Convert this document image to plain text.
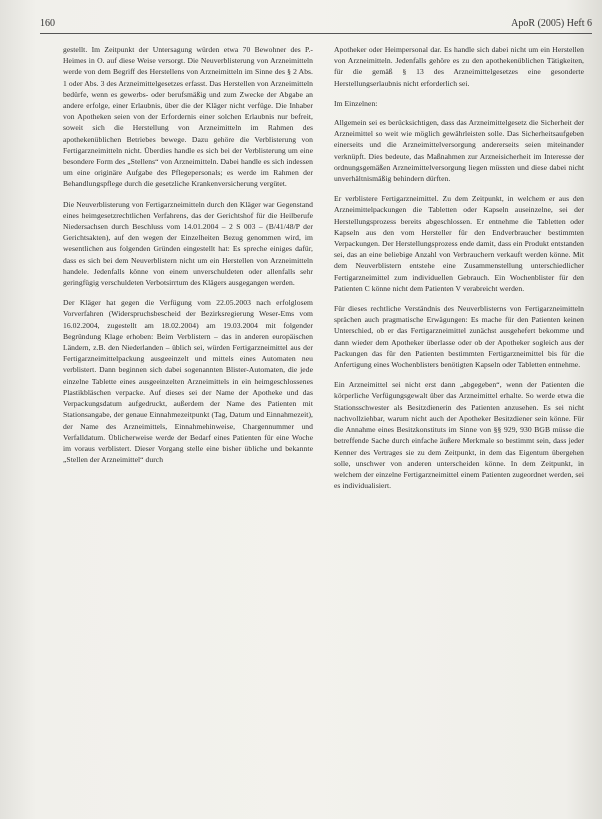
160	ApoR (2005) Heft 6

gestellt. Im Zeitpunkt der Untersagung würden etwa 70 Bewohner des P.-Heimes in O. auf diese Weise versorgt. Die Neuverblisterung von Arzneimitteln werde von dem Begriff des Herstellens von Arzneimitteln im Sinne des § 2 Abs. 1 oder Abs. 3 des Arzneimittelgesetzes erfasst. Das Herstellen von Arzneimitteln bedürfe, wenn es gewerbs- oder berufsmäßig und zum Zwecke der Abgabe an andere erfolge, einer Erlaubnis, über die der Kläger nicht verfüge. Die Inhaber von Apotheken seien von der Erfordernis einer solchen Erlaubnis nur befreit, soweit sich die Herstellung von Arzneimitteln im Rahmen des apothekenüblichen Betriebes bewege. Dazu gehöre die Verblisterung von Fertigarzneimitteln nicht. Überdies handle es sich bei der Verblisterung um eine besondere Form des „Stellens“ von Arzneimitteln. Dabei handle es sich indessen um eine originäre Aufgabe des Pflegepersonals; es werde im Rahmen der Behandlungspflege durch die gesetzliche Krankenversicherung vergütet.

Die Neuverblisterung von Fertigarzneimitteln durch den Kläger war Gegenstand eines heimgesetzrechtlichen Verfahrens, das der Gerichtshof für die Heilberufe Niedersachsen durch Beschluss vom 14.01.2004 – 2 S 003 – (B/41/48/P der Gerichtsakten), auf den wegen der Einzelheiten Bezug genommen wird, im wesentlichen aus folgenden Gründen eingestellt hat: Es spreche einiges dafür, dass es sich bei dem Neuverblistern nicht um ein Herstellen von Arzneimitteln handele. Jedenfalls könne von einem unverschuldeten oder allenfalls sehr geringfügig verschuldeten Verbotsirrtum des Klägers ausgegangen werden.

Der Kläger hat gegen die Verfügung vom 22.05.2003 nach erfolglosem Vorverfahren (Widerspruchsbescheid der Bezirksregierung Weser-Ems vom 16.02.2004, zugestellt am 18.02.2004) am 19.03.2004 mit folgender Begründung Klage erhoben: Beim Verblistern – das in anderen europäischen Ländern, z.B. den Niederlanden – üblich sei, würden Fertigarzneimittel aus der Fertigarzneimittelpackung ausgeeinzelt und mittels eines Automaten neu verblistert. Dann beginnen sich dabei sogenannten Blister-Automaten, die jede einzelne Tablette eines ausgeeinzelten Arzneimittels in ein heimgeschlossenes Plastikbläschen verpacke. Auf dieses sei der Name der Apotheke und das Verpackungsdatum aufgedruckt, außerdem der Name des Patienten mit Stationsangabe, der genaue Einnahmezeitpunkt (Tag, Datum und Einnahmezeit), der Name des Arzneimittels, Einnahmehinweise, Chargennummer und Verfalldatum. Üblicherweise werde der Bedarf eines Patienten für eine Woche im voraus verblistert. Dieser Vorgang stelle eine bisher übliche und bekannte „Stellen der Arzneimittel“ durch

Apotheker oder Heimpersonal dar. Es handle sich dabei nicht um ein Herstellen von Arzneimitteln. Jedenfalls gehöre es zu den apothekenüblichen Tätigkeiten, für die gemäß § 13 des Arzneimittelgesetzes eine gesonderte Herstellungserlaubnis nicht erforderlich sei.

Im Einzelnen:

Allgemein sei es berücksichtigen, dass das Arzneimittelgesetz die Sicherheit der Arzneimittel so weit wie möglich gewährleisten solle. Das Sicherheitsaufgeben einerseits und die Arzneimittelversorgung andererseits seien miteinander verknüpft. Dies bedeute, das Maßnahmen zur Arzneisicherheit im Interesse der ordnungsgemäßen Arzneimittelversorgung liegen müssten und diese dabei nicht unverhältnismäßig behindern dürften.

Er verblistere Fertigarzneimittel. Zu dem Zeitpunkt, in welchem er aus den Arzneimittelpackungen die Tabletten oder Kapseln auseinzelne, sei der Herstellungsprozess bereits abgeschlossen. Er entnehme die Tabletten oder Kapseln aus den vom Hersteller für den Endverbraucher bestimmten Verpackungen. Der Herstellungsprozess ende damit, dass ein Produkt entstanden sei, das an eine beliebige Anzahl von Verbrauchern verkauft werden könne. Mit dem Neuverblistern entstehe eine Zusammenstellung unterschiedlicher Fertigarzneimittel zum individuellen Gebrauch. Ein Wochenblister für den Patienten C könne nicht dem Patienten V verabreicht werden.

Für dieses rechtliche Verständnis des Neuverblisterns von Fertigarzneimitteln sprächen auch pragmatische Erwägungen: Es mache für den Patienten keinen Unterschied, ob er das Fertigarzneimittel zunächst ausgehefert bekomme und dann wieder dem Apotheker überlasse oder ob der Apotheker sogleich aus der Packungen das für den Patienten bestimmten Fertigarzneimittel bis für die Anfertigung eines Wochenblisters benötigten Kapseln oder Tabletten entnehme.

Ein Arzneimittel sei nicht erst dann „abgegeben“, wenn der Patienten die körperliche Verfügungsgewalt über das Arzneimittel erhalte. So werde etwa die Stationsschwester als Besitzdienerin des Patienten anzusehen. Es sei nicht nachvollziehbar, warum nicht auch der Apotheker Besitzdiener sein könne. Für die Annahme eines Besitzkonstituts im Sinne von §§ 929, 930 BGB müsse die betreffende Sache durch einfache äußere Merkmale so bestimmt sein, dass jeder Kenner des Vertrages sie zu dem Zeitpunkt, in dem das Eigentum übergehen solle, unschwer von anderen unterscheiden könne. In dem Zeitpunkt, in welchem der einzelne Fertigarzneimittel einem Patienten zugeordnet werden, sei es individualisiert.
